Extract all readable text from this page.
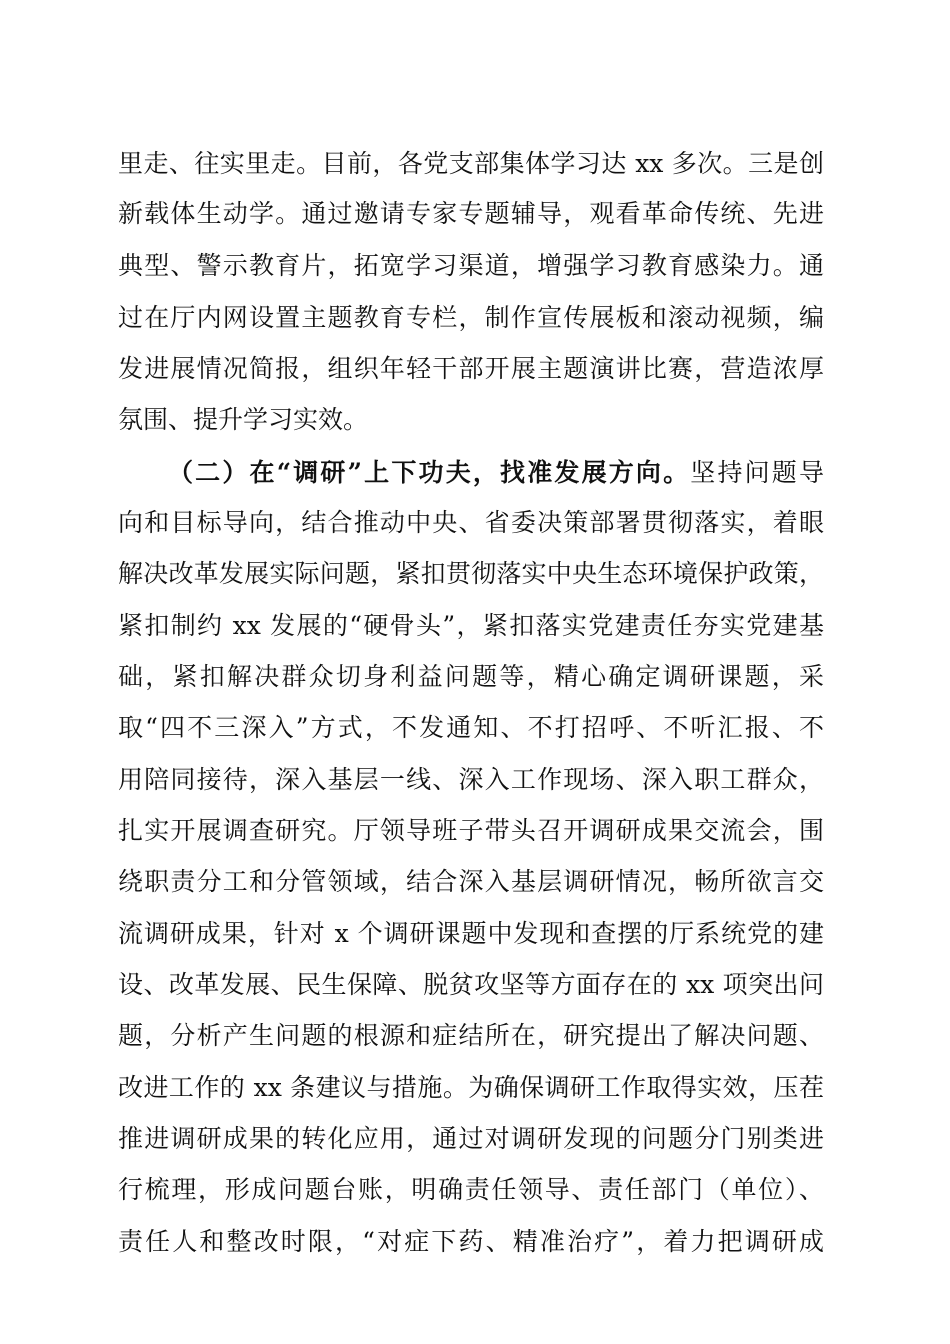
里走、往实里走。目前，各党支部集体学习达 xx 多次。三是创
新载体生动学。通过邀请专家专题辅导，观看革命传统、先进
典型、警示教育片，拓宽学习渠道，增强学习教育感染力。通
过在厅内网设置主题教育专栏，制作宣传展板和滚动视频，编
发进展情况简报，组织年轻干部开展主题演讲比赛，营造浓厚
氛围、提升学习实效。
（二）在“调研”上下功夫，找准发展方向。坚持问题导
向和目标导向，结合推动中央、省委决策部署贯彻落实，着眼
解决改革发展实际问题，紧扣贯彻落实中央生态环境保护政策，
紧扣制约 xx 发展的“硬骨头”，紧扣落实党建责任夯实党建基
础，紧扣解决群众切身利益问题等，精心确定调研课题，采
取“四不三深入”方式，不发通知、不打招呼、不听汇报、不
用陪同接待，深入基层一线、深入工作现场、深入职工群众，
扎实开展调查研究。厅领导班子带头召开调研成果交流会，围
绕职责分工和分管领域，结合深入基层调研情况，畅所欲言交
流调研成果，针对 x 个调研课题中发现和查摆的厅系统党的建
设、改革发展、民生保障、脱贫攻坚等方面存在的 xx 项突出问
题，分析产生问题的根源和症结所在，研究提出了解决问题、
改进工作的 xx 条建议与措施。为确保调研工作取得实效，压茬
推进调研成果的转化应用，通过对调研发现的问题分门别类进
行梳理，形成问题台账，明确责任领导、责任部门（单位）、
责任人和整改时限，“对症下药、精准治疗”，着力把调研成
